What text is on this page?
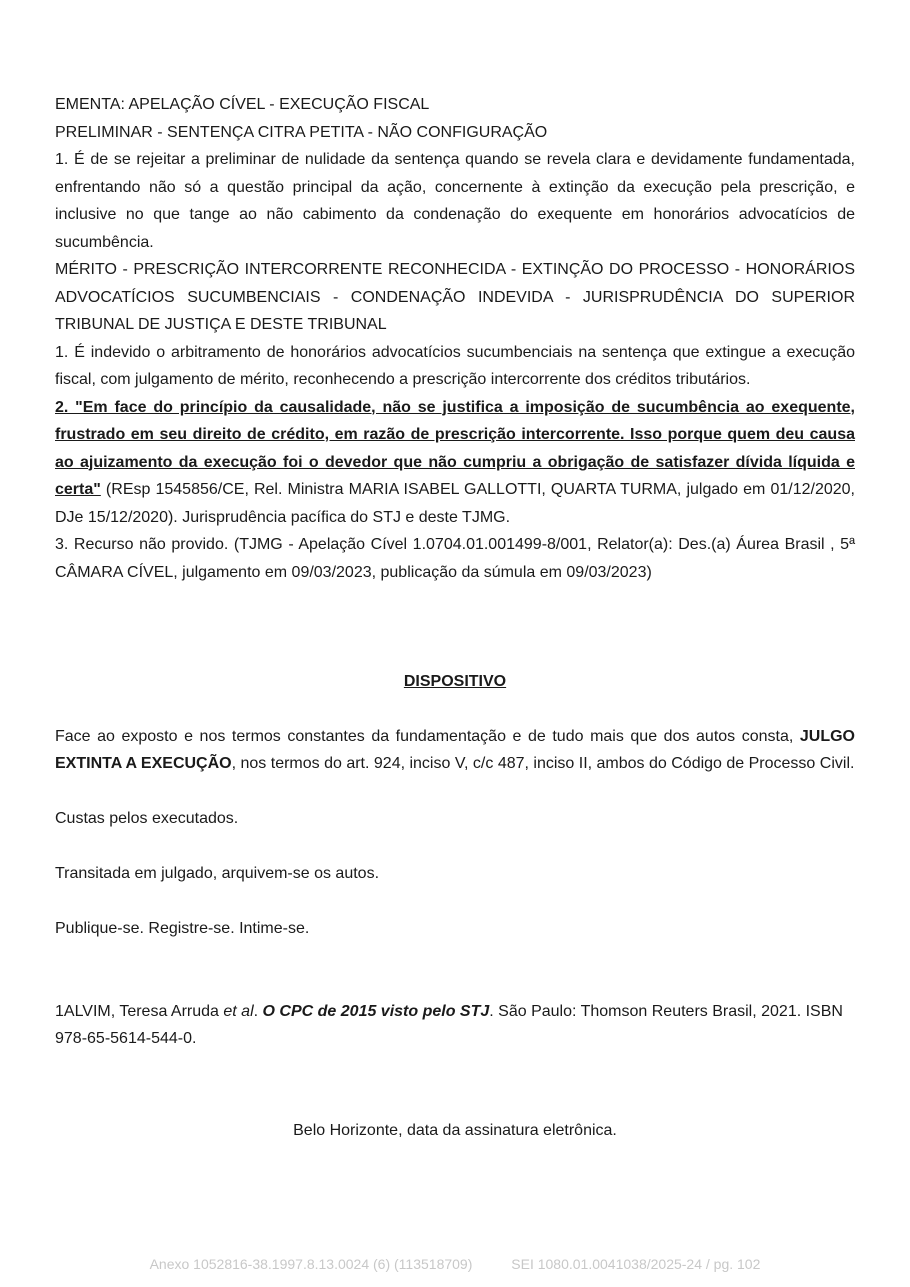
EMENTA: APELAÇÃO CÍVEL - EXECUÇÃO FISCAL

PRELIMINAR - SENTENÇA CITRA PETITA - NÃO CONFIGURAÇÃO

1. É de se rejeitar a preliminar de nulidade da sentença quando se revela clara e devidamente fundamentada, enfrentando não só a questão principal da ação, concernente à extinção da execução pela prescrição, e inclusive no que tange ao não cabimento da condenação do exequente em honorários advocatícios de sucumbência.

MÉRITO - PRESCRIÇÃO INTERCORRENTE RECONHECIDA - EXTINÇÃO DO PROCESSO - HONORÁRIOS ADVOCATÍCIOS SUCUMBENCIAIS - CONDENAÇÃO INDEVIDA - JURISPRUDÊNCIA DO SUPERIOR TRIBUNAL DE JUSTIÇA E DESTE TRIBUNAL

1. É indevido o arbitramento de honorários advocatícios sucumbenciais na sentença que extingue a execução fiscal, com julgamento de mérito, reconhecendo a prescrição intercorrente dos créditos tributários.

2. "Em face do princípio da causalidade, não se justifica a imposição de sucumbência ao exequente, frustrado em seu direito de crédito, em razão de prescrição intercorrente. Isso porque quem deu causa ao ajuizamento da execução foi o devedor que não cumpriu a obrigação de satisfazer dívida líquida e certa" (REsp 1545856/CE, Rel. Ministra MARIA ISABEL GALLOTTI, QUARTA TURMA, julgado em 01/12/2020, DJe 15/12/2020). Jurisprudência pacífica do STJ e deste TJMG.

3. Recurso não provido. (TJMG - Apelação Cível 1.0704.01.001499-8/001, Relator(a): Des.(a) Áurea Brasil , 5ª CÂMARA CÍVEL, julgamento em 09/03/2023, publicação da súmula em 09/03/2023)

DISPOSITIVO

Face ao exposto e nos termos constantes da fundamentação e de tudo mais que dos autos consta, JULGO EXTINTA A EXECUÇÃO, nos termos do art. 924, inciso V, c/c 487, inciso II, ambos do Código de Processo Civil.

Custas pelos executados.

Transitada em julgado, arquivem-se os autos.

Publique-se. Registre-se. Intime-se.

1ALVIM, Teresa Arruda et al. O CPC de 2015 visto pelo STJ. São Paulo: Thomson Reuters Brasil, 2021. ISBN 978-65-5614-544-0.

Belo Horizonte, data da assinatura eletrônica.

Anexo 1052816-38.1997.8.13.0024 (6) (113518709)	SEI 1080.01.0041038/2025-24 / pg. 102
